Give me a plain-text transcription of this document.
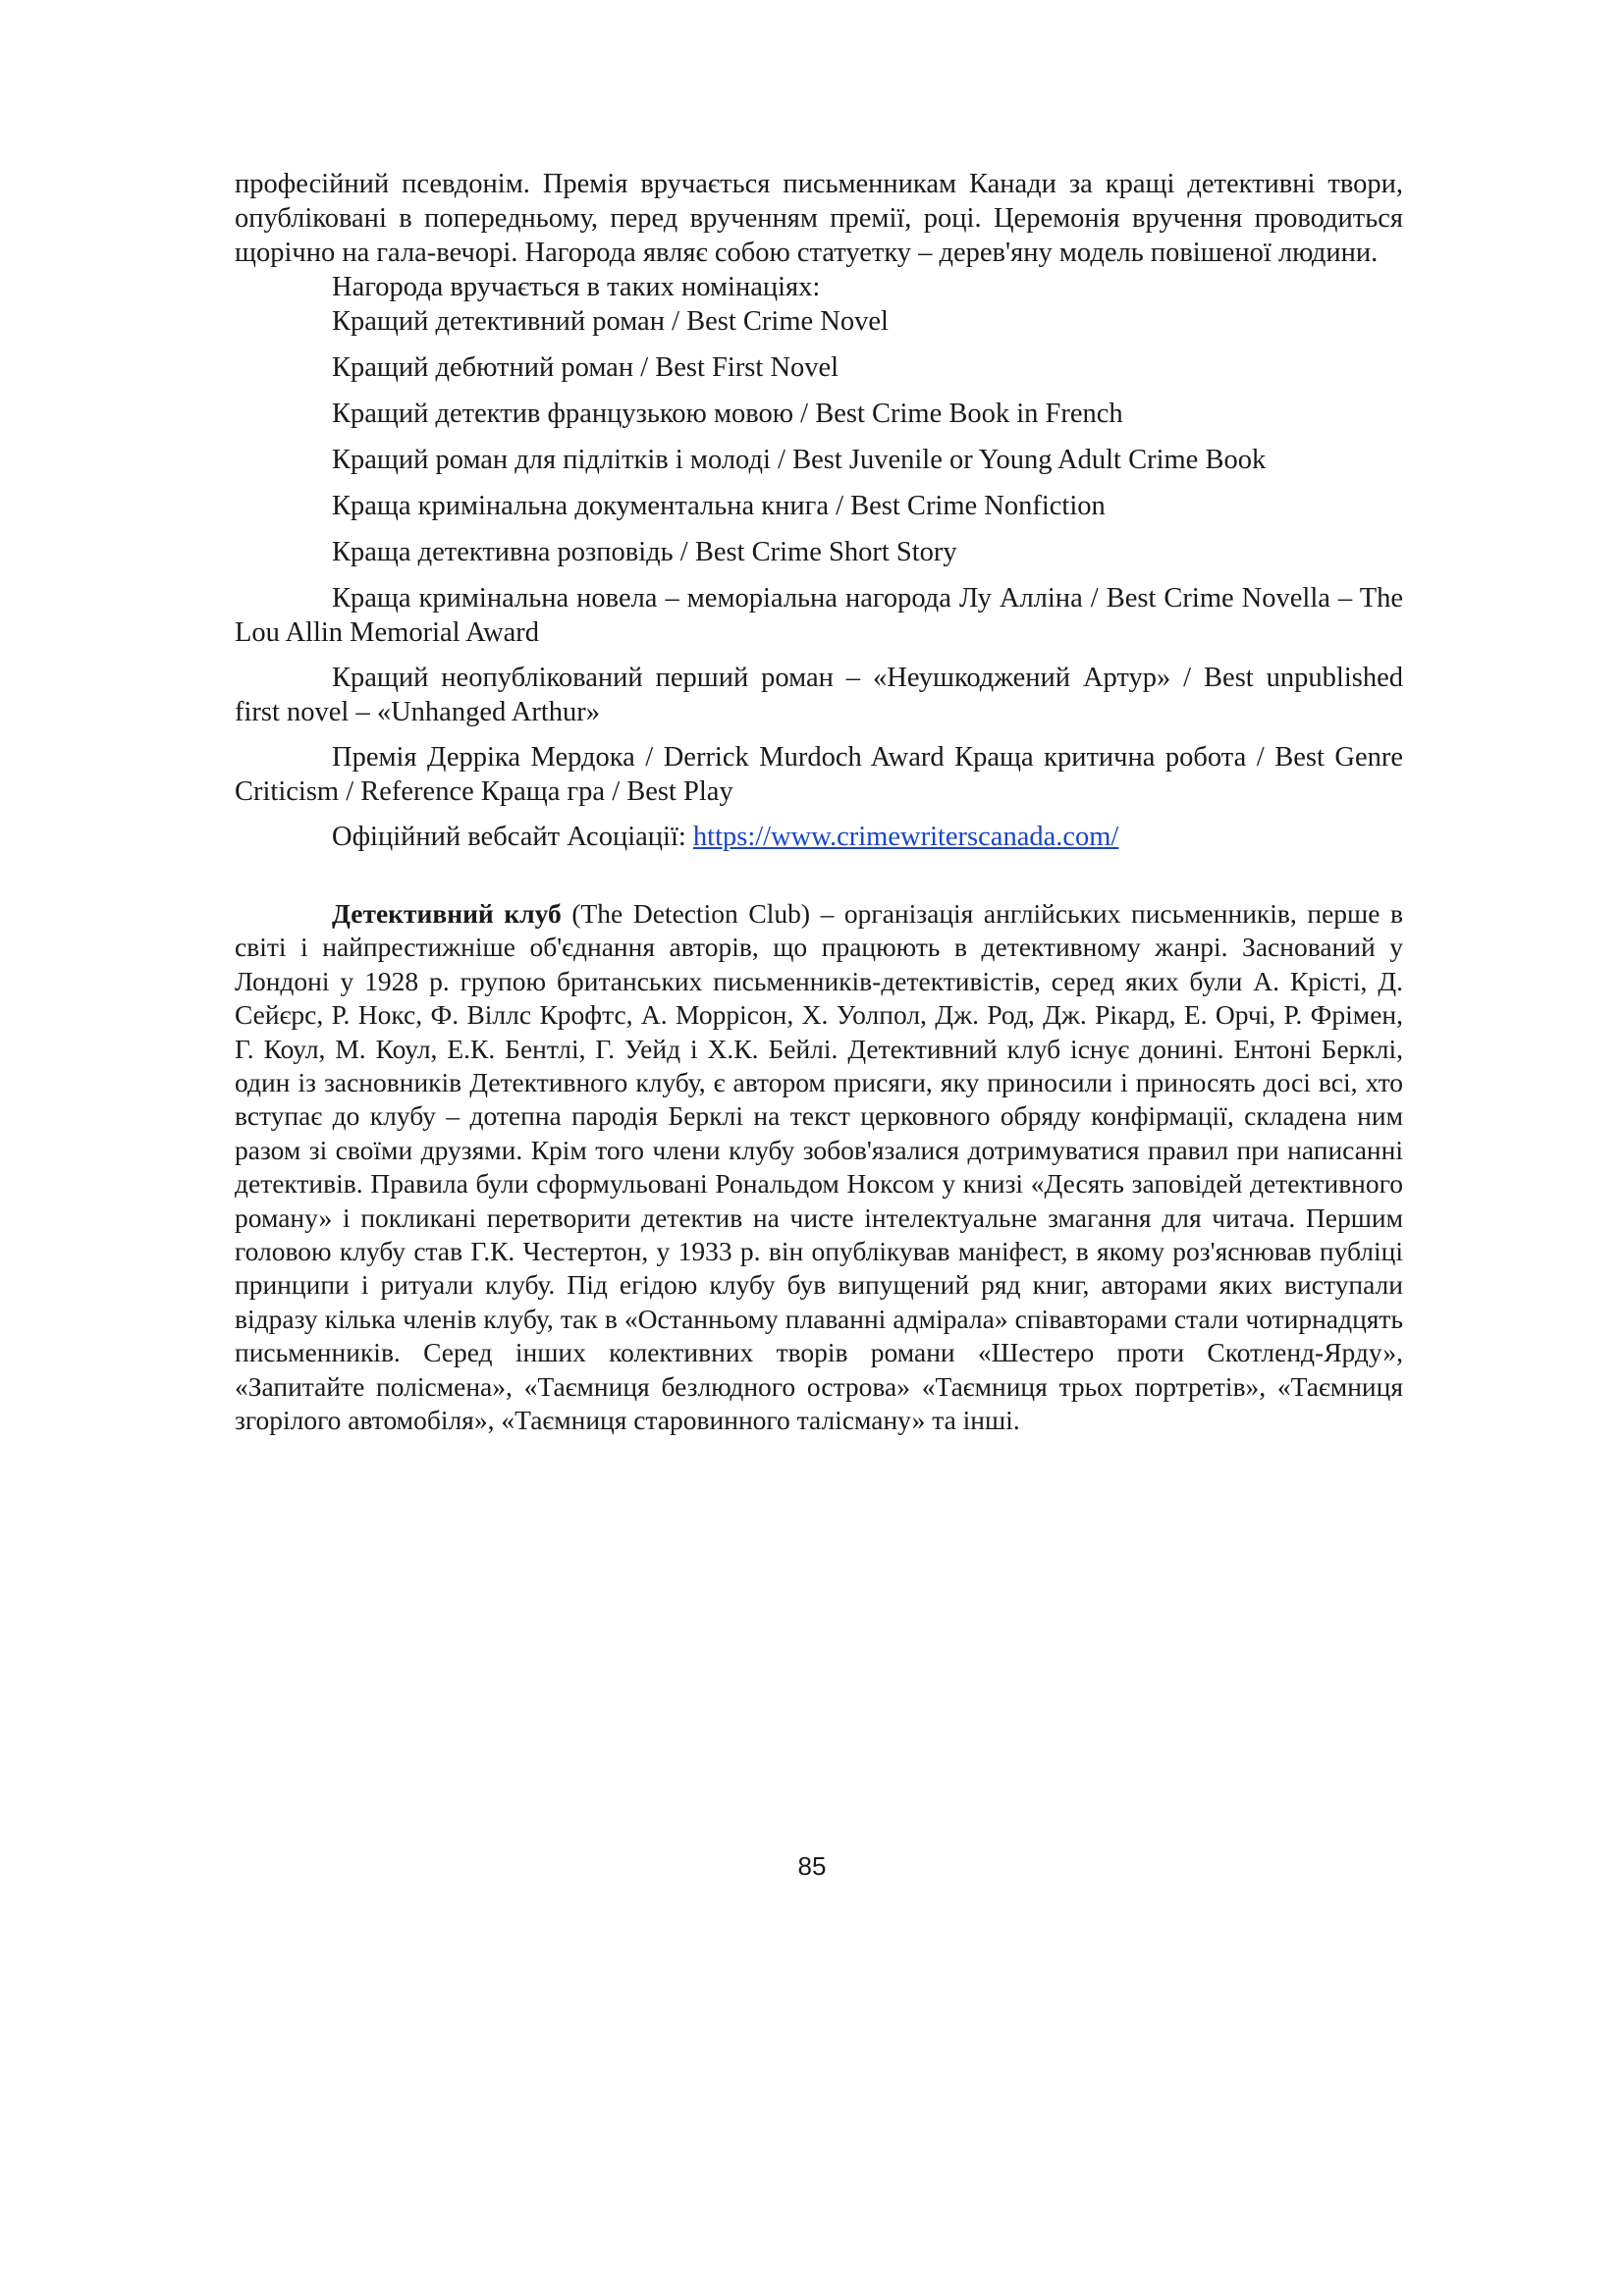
професійний псевдонім. Премія вручається письменникам Канади за кращі детективні твори, опубліковані в попередньому, перед врученням премії, році. Церемонія вручення проводиться щорічно на гала-вечорі. Нагорода являє собою статуетку – дерев'яну модель повішеної людини.

Нагорода вручається в таких номінаціях:

Кращий детективний роман / Best Crime Novel

Кращий дебютний роман / Best First Novel

Кращий детектив французькою мовою / Best Crime Book in French

Кращий роман для підлітків і молоді / Best Juvenile or Young Adult Crime Book

Краща кримінальна документальна книга / Best Crime Nonfiction

Краща детективна розповідь / Best Crime Short Story

Краща кримінальна новела – меморіальна нагорода Лу Алліна / Best Crime Novella – The Lou Allin Memorial Award

Кращий неопублікований перший роман – «Неушкоджений Артур» / Best unpublished first novel – «Unhanged Arthur»

Премія Дерріка Мердока / Derrick Murdoch Award Краща критична робота / Best Genre Criticism / Reference Краща гра / Best Play

Офіційний вебсайт Асоціації: https://www.crimewriterscanada.com/

Детективний клуб (The Detection Club) – організація англійських письменників, перше в світі і найпрестижніше об'єднання авторів, що працюють в детективному жанрі. Заснований у Лондоні у 1928 р. групою британських письменників-детективістів, серед яких були А. Крісті, Д. Сейєрс, Р. Нокс, Ф. Віллс Крофтс, А. Моррісон, Х. Уолпол, Дж. Род, Дж. Рікард, Е. Орчі, Р. Фрімен, Г. Коул, М. Коул, Е.К. Бентлі, Г. Уейд і Х.К. Бейлі. Детективний клуб існує донині. Ентоні Берклі, один із засновників Детективного клубу, є автором присяги, яку приносили і приносять досі всі, хто вступає до клубу – дотепна пародія Берклі на текст церковного обряду конфірмації, складена ним разом зі своїми друзями. Крім того члени клубу зобов'язалися дотримуватися правил при написанні детективів. Правила були сформульовані Рональдом Ноксом у книзі «Десять заповідей детективного роману» і покликані перетворити детектив на чисте інтелектуальне змагання для читача. Першим головою клубу став Г.К. Честертон, у 1933 р. він опублікував маніфест, в якому роз'яснював публіці принципи і ритуали клубу. Під егідою клубу був випущений ряд книг, авторами яких виступали відразу кілька членів клубу, так в «Останньому плаванні адмірала» співавторами стали чотирнадцять письменників. Серед інших колективних творів романи «Шестеро проти Скотленд-Ярду», «Запитайте полісмена», «Таємниця безлюдного острова» «Таємниця трьох портретів», «Таємниця згорілого автомобіля», «Таємниця старовинного талісману» та інші.

85
